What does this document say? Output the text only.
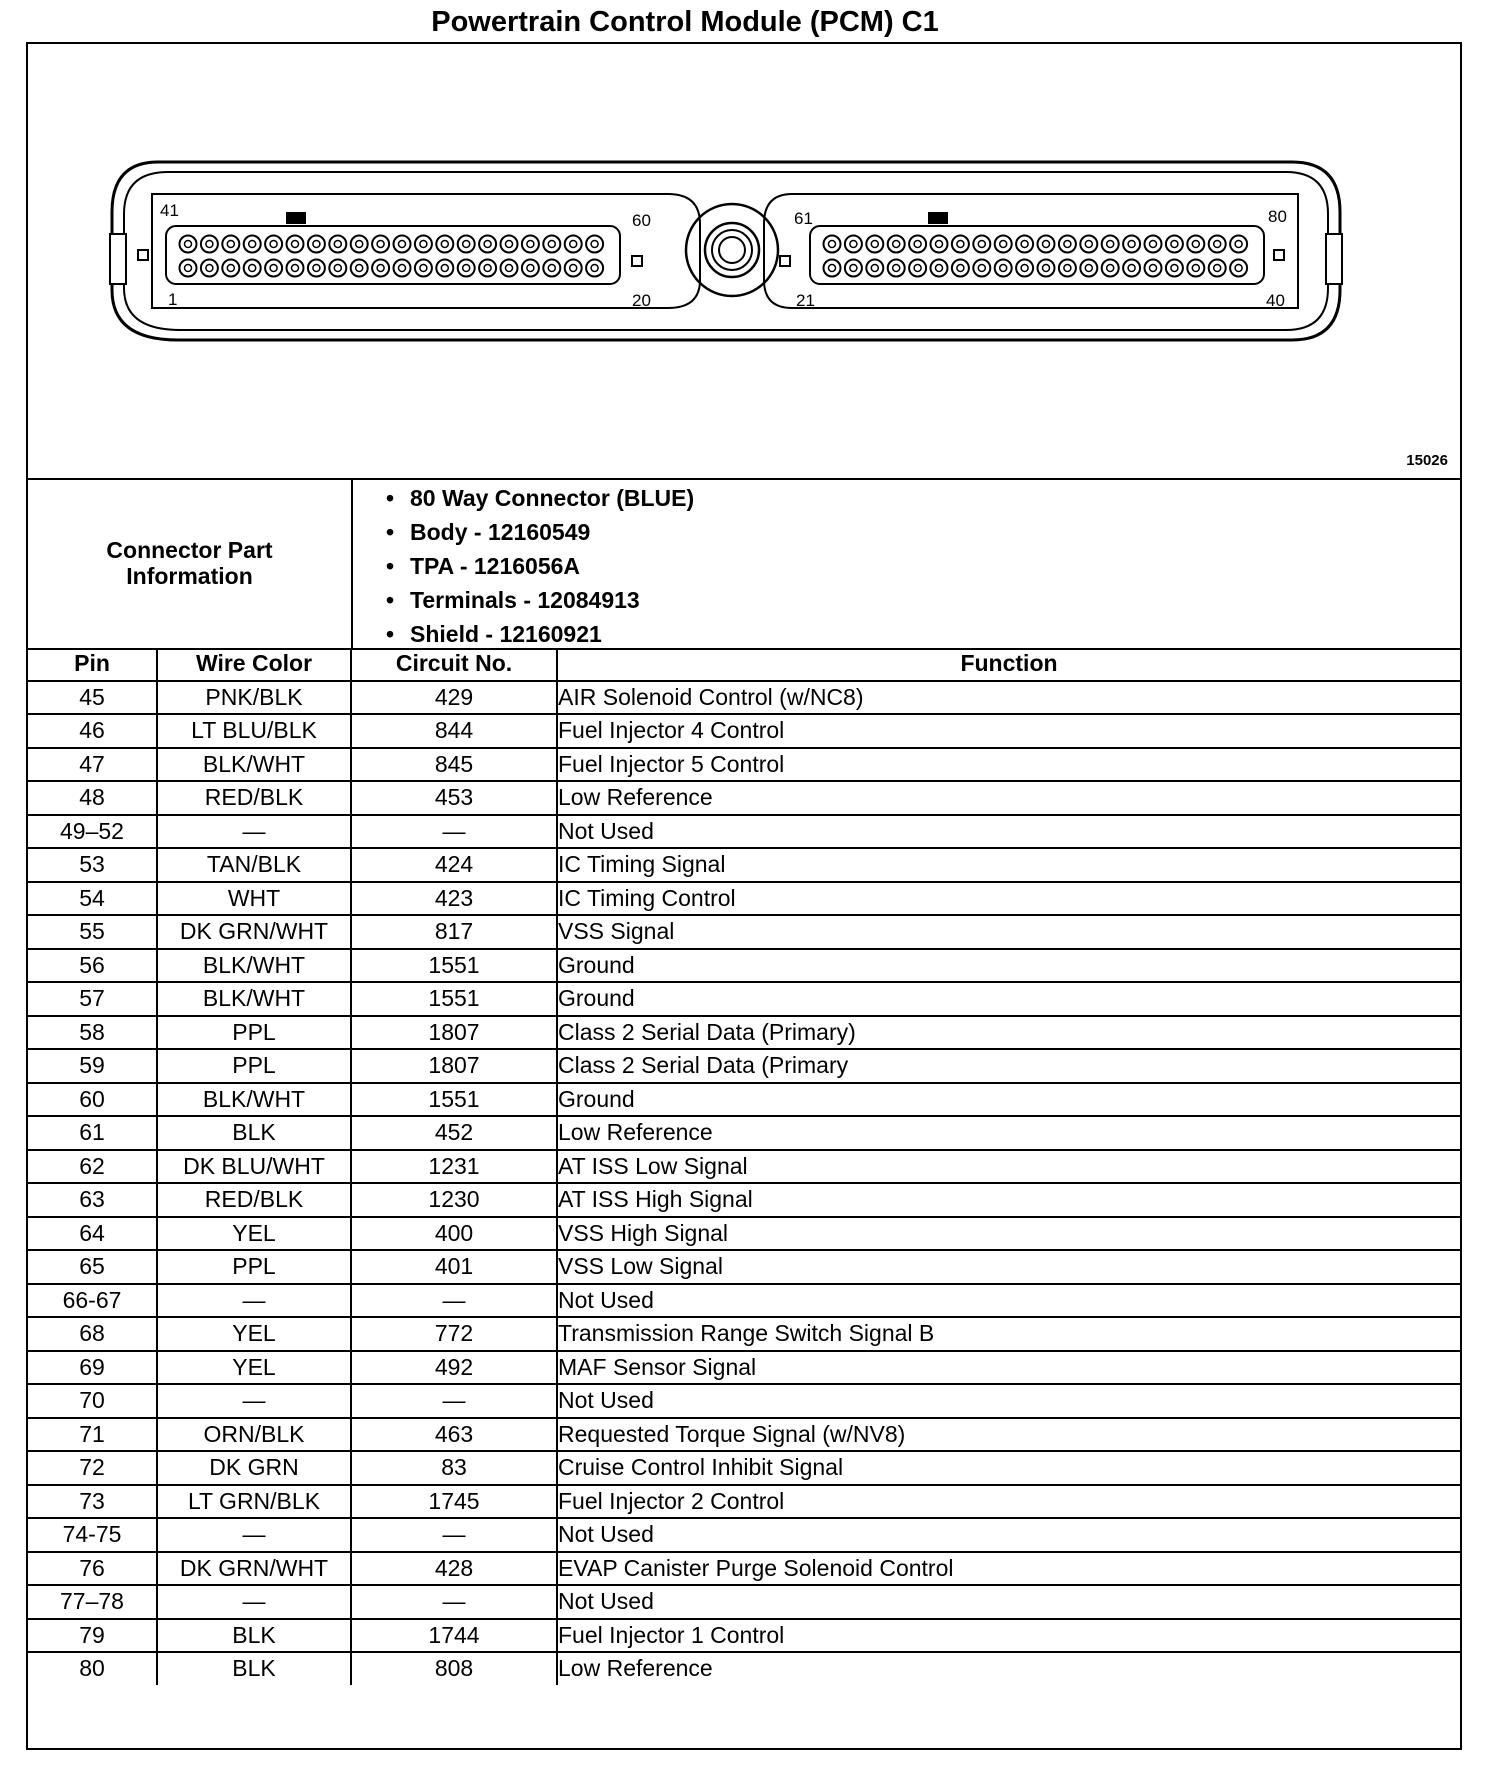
Powertrain Control Module (PCM) C1
41
60
1	20
61	80
21	40
15026
Connector Part Information
• 80 Way Connector (BLUE)
• Body - 12160549
• TPA - 1216056A
• Terminals - 12084913
• Shield - 12160921
Pin	Wire Color	Circuit No.	Function
45	PNK/BLK	429	AIR Solenoid Control (w/NC8)
46	LT BLU/BLK	844	Fuel Injector 4 Control
47	BLK/WHT	845	Fuel Injector 5 Control
48	RED/BLK	453	Low Reference
49–52	—	—	Not Used
53	TAN/BLK	424	IC Timing Signal
54	WHT	423	IC Timing Control
55	DK GRN/WHT	817	VSS Signal
56	BLK/WHT	1551	Ground
57	BLK/WHT	1551	Ground
58	PPL	1807	Class 2 Serial Data (Primary)
59	PPL	1807	Class 2 Serial Data (Primary
60	BLK/WHT	1551	Ground
61	BLK	452	Low Reference
62	DK BLU/WHT	1231	AT ISS Low Signal
63	RED/BLK	1230	AT ISS High Signal
64	YEL	400	VSS High Signal
65	PPL	401	VSS Low Signal
66-67	—	—	Not Used
68	YEL	772	Transmission Range Switch Signal B
69	YEL	492	MAF Sensor Signal
70	—	—	Not Used
71	ORN/BLK	463	Requested Torque Signal (w/NV8)
72	DK GRN	83	Cruise Control Inhibit Signal
73	LT GRN/BLK	1745	Fuel Injector 2 Control
74-75	—	—	Not Used
76	DK GRN/WHT	428	EVAP Canister Purge Solenoid Control
77–78	—	—	Not Used
79	BLK	1744	Fuel Injector 1 Control
80	BLK	808	Low Reference
